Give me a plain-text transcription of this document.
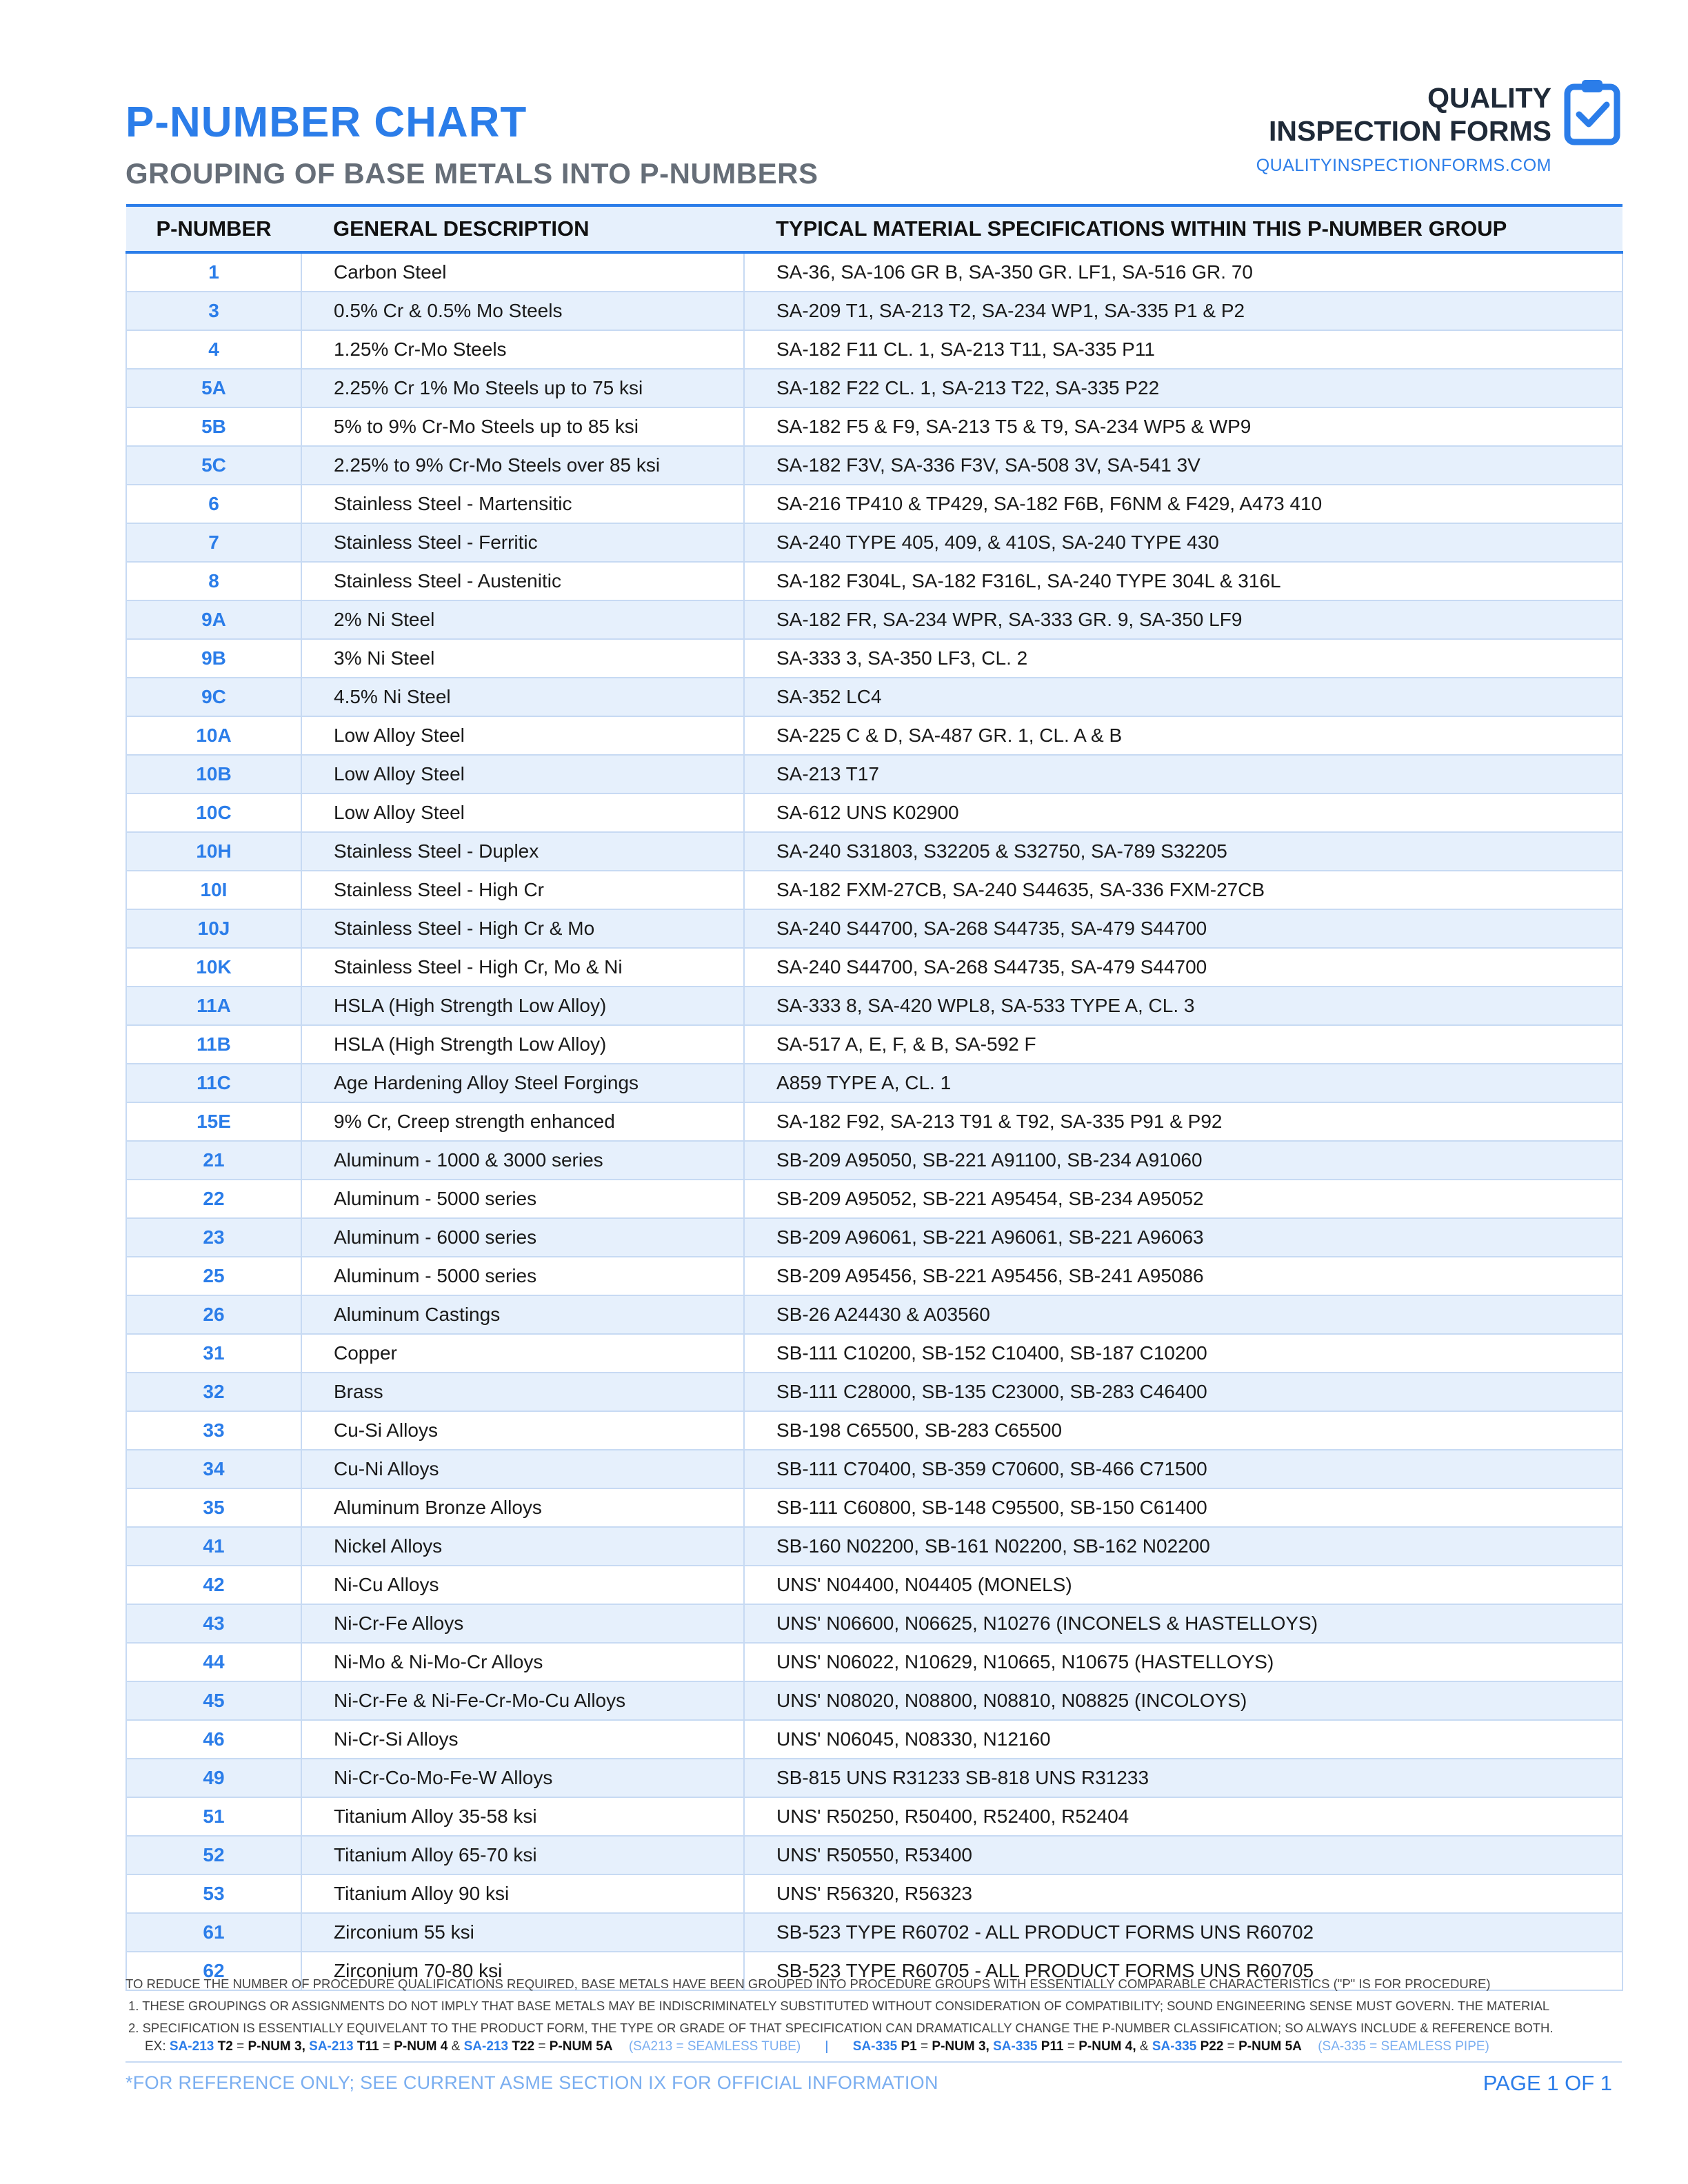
P-NUMBER CHART
GROUPING OF BASE METALS INTO P-NUMBERS
QUALITY
INSPECTION FORMS
QUALITYINSPECTIONFORMS.COM
P-NUMBER	GENERAL DESCRIPTION	TYPICAL MATERIAL SPECIFICATIONS WITHIN THIS P-NUMBER GROUP
1	Carbon Steel	SA-36, SA-106 GR B, SA-350 GR. LF1, SA-516 GR. 70
3	0.5% Cr & 0.5% Mo Steels	SA-209 T1, SA-213 T2, SA-234 WP1, SA-335 P1 & P2
4	1.25% Cr-Mo Steels	SA-182 F11 CL. 1, SA-213 T11, SA-335 P11
5A	2.25% Cr 1% Mo Steels up to 75 ksi	SA-182 F22 CL. 1, SA-213 T22, SA-335 P22
5B	5% to 9% Cr-Mo Steels up to 85 ksi	SA-182 F5 & F9, SA-213 T5 & T9, SA-234 WP5 & WP9
5C	2.25% to 9% Cr-Mo Steels over 85 ksi	SA-182 F3V, SA-336 F3V, SA-508 3V, SA-541 3V
6	Stainless Steel - Martensitic	SA-216 TP410 & TP429, SA-182 F6B, F6NM & F429, A473 410
7	Stainless Steel - Ferritic	SA-240 TYPE 405, 409, & 410S, SA-240 TYPE 430
8	Stainless Steel - Austenitic	SA-182 F304L, SA-182 F316L, SA-240 TYPE 304L & 316L
9A	2% Ni Steel	SA-182 FR, SA-234 WPR, SA-333 GR. 9, SA-350 LF9
9B	3% Ni Steel	SA-333 3, SA-350 LF3, CL. 2
9C	4.5% Ni Steel	SA-352 LC4
10A	Low Alloy Steel	SA-225 C & D, SA-487 GR. 1, CL. A & B
10B	Low Alloy Steel	SA-213 T17
10C	Low Alloy Steel	SA-612 UNS K02900
10H	Stainless Steel - Duplex	SA-240 S31803, S32205 & S32750, SA-789 S32205
10I	Stainless Steel - High Cr	SA-182 FXM-27CB, SA-240 S44635, SA-336 FXM-27CB
10J	Stainless Steel - High Cr & Mo	SA-240 S44700, SA-268 S44735, SA-479 S44700
10K	Stainless Steel - High Cr, Mo & Ni	SA-240 S44700, SA-268 S44735, SA-479 S44700
11A	HSLA (High Strength Low Alloy)	SA-333 8, SA-420 WPL8, SA-533 TYPE A, CL. 3
11B	HSLA (High Strength Low Alloy)	SA-517 A, E, F, & B, SA-592 F
11C	Age Hardening Alloy Steel Forgings	A859 TYPE A, CL. 1
15E	9% Cr, Creep strength enhanced	SA-182 F92, SA-213 T91 & T92, SA-335 P91 & P92
21	Aluminum - 1000 & 3000 series	SB-209 A95050, SB-221 A91100, SB-234 A91060
22	Aluminum - 5000 series	SB-209 A95052, SB-221 A95454, SB-234 A95052
23	Aluminum - 6000 series	SB-209 A96061, SB-221 A96061, SB-221 A96063
25	Aluminum - 5000 series	SB-209 A95456, SB-221 A95456, SB-241 A95086
26	Aluminum Castings	SB-26 A24430 & A03560
31	Copper	SB-111 C10200, SB-152 C10400, SB-187 C10200
32	Brass	SB-111 C28000, SB-135 C23000, SB-283 C46400
33	Cu-Si Alloys	SB-198 C65500, SB-283 C65500
34	Cu-Ni Alloys	SB-111 C70400, SB-359 C70600, SB-466 C71500
35	Aluminum Bronze Alloys	SB-111 C60800, SB-148 C95500, SB-150 C61400
41	Nickel Alloys	SB-160 N02200, SB-161 N02200, SB-162 N02200
42	Ni-Cu Alloys	UNS' N04400, N04405 (MONELS)
43	Ni-Cr-Fe Alloys	UNS' N06600, N06625, N10276 (INCONELS & HASTELLOYS)
44	Ni-Mo & Ni-Mo-Cr Alloys	UNS' N06022, N10629, N10665, N10675 (HASTELLOYS)
45	Ni-Cr-Fe & Ni-Fe-Cr-Mo-Cu Alloys	UNS' N08020, N08800, N08810, N08825 (INCOLOYS)
46	Ni-Cr-Si Alloys	UNS' N06045, N08330, N12160
49	Ni-Cr-Co-Mo-Fe-W Alloys	SB-815 UNS R31233 SB-818 UNS R31233
51	Titanium Alloy 35-58 ksi	UNS' R50250, R50400, R52400, R52404
52	Titanium Alloy 65-70 ksi	UNS' R50550, R53400
53	Titanium Alloy 90 ksi	UNS' R56320, R56323
61	Zirconium 55 ksi	SB-523 TYPE R60702 - ALL PRODUCT FORMS UNS R60702
62	Zirconium 70-80 ksi	SB-523 TYPE R60705 - ALL PRODUCT FORMS UNS R60705
TO REDUCE THE NUMBER OF PROCEDURE QUALIFICATIONS REQUIRED, BASE METALS HAVE BEEN GROUPED INTO PROCEDURE GROUPS WITH ESSENTIALLY COMPARABLE CHARACTERISTICS ("P" IS FOR PROCEDURE)
1. THESE GROUPINGS OR ASSIGNMENTS DO NOT IMPLY THAT BASE METALS MAY BE INDISCRIMINATELY SUBSTITUTED WITHOUT CONSIDERATION OF COMPATIBILITY; SOUND ENGINEERING SENSE MUST GOVERN. THE MATERIAL
2. SPECIFICATION IS ESSENTIALLY EQUIVELANT TO THE PRODUCT FORM, THE TYPE OR GRADE OF THAT SPECIFICATION CAN DRAMATICALLY CHANGE THE P-NUMBER CLASSIFICATION; SO ALWAYS INCLUDE & REFERENCE BOTH.
EX: SA-213 T2 = P-NUM 3, SA-213 T11 = P-NUM 4 & SA-213 T22 = P-NUM 5A (SA213 = SEAMLESS TUBE) | SA-335 P1 = P-NUM 3, SA-335 P11 = P-NUM 4, & SA-335 P22 = P-NUM 5A (SA-335 = SEAMLESS PIPE)
*FOR REFERENCE ONLY; SEE CURRENT ASME SECTION IX FOR OFFICIAL INFORMATION	PAGE 1 OF 1
